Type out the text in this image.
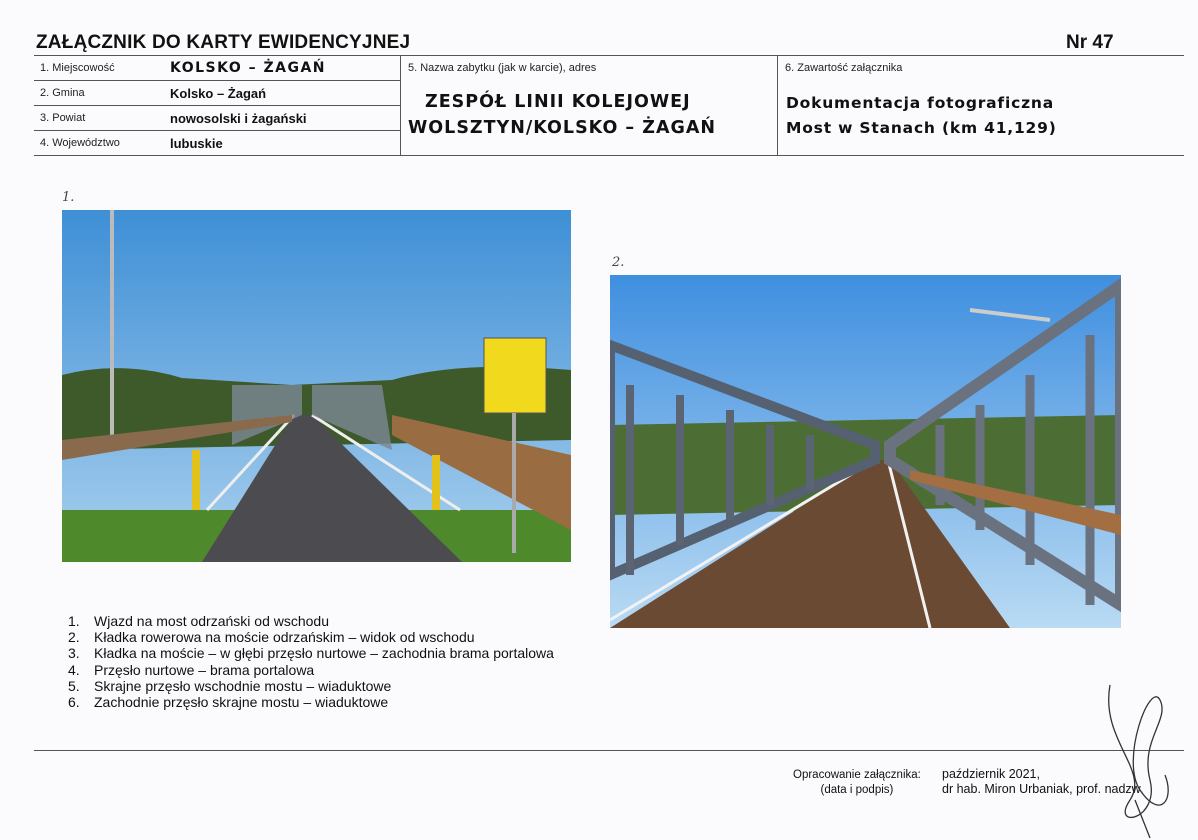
ZAŁĄCZNIK DO KARTY EWIDENCYJNEJ	Nr 47
1. Miejscowość	KOLSKO – ŻAGAŃ
2. Gmina	Kolsko – Żagań
3. Powiat	nowosolski i żagański
4. Województwo	lubuskie
5. Nazwa zabytku (jak w karcie), adres
ZESPÓŁ LINII KOLEJOWEJ
WOLSZTYN/KOLSKO – ŻAGAŃ
6. Zawartość załącznika
Dokumentacja fotograficzna
Most w Stanach (km 41,129)
1.
2.
1.	Wjazd na most odrzański od wschodu
2.	Kładka rowerowa na moście odrzańskim – widok od wschodu
3.	Kładka na moście – w głębi przęsło nurtowe – zachodnia brama portalowa
4.	Przęsło nurtowe – brama portalowa
5.	Skrajne przęsło wschodnie mostu – wiaduktowe
6.	Zachodnie przęsło skrajne mostu – wiaduktowe
Opracowanie załącznika:
(data i podpis)
październik 2021,
dr hab. Miron Urbaniak, prof. nadzw.
